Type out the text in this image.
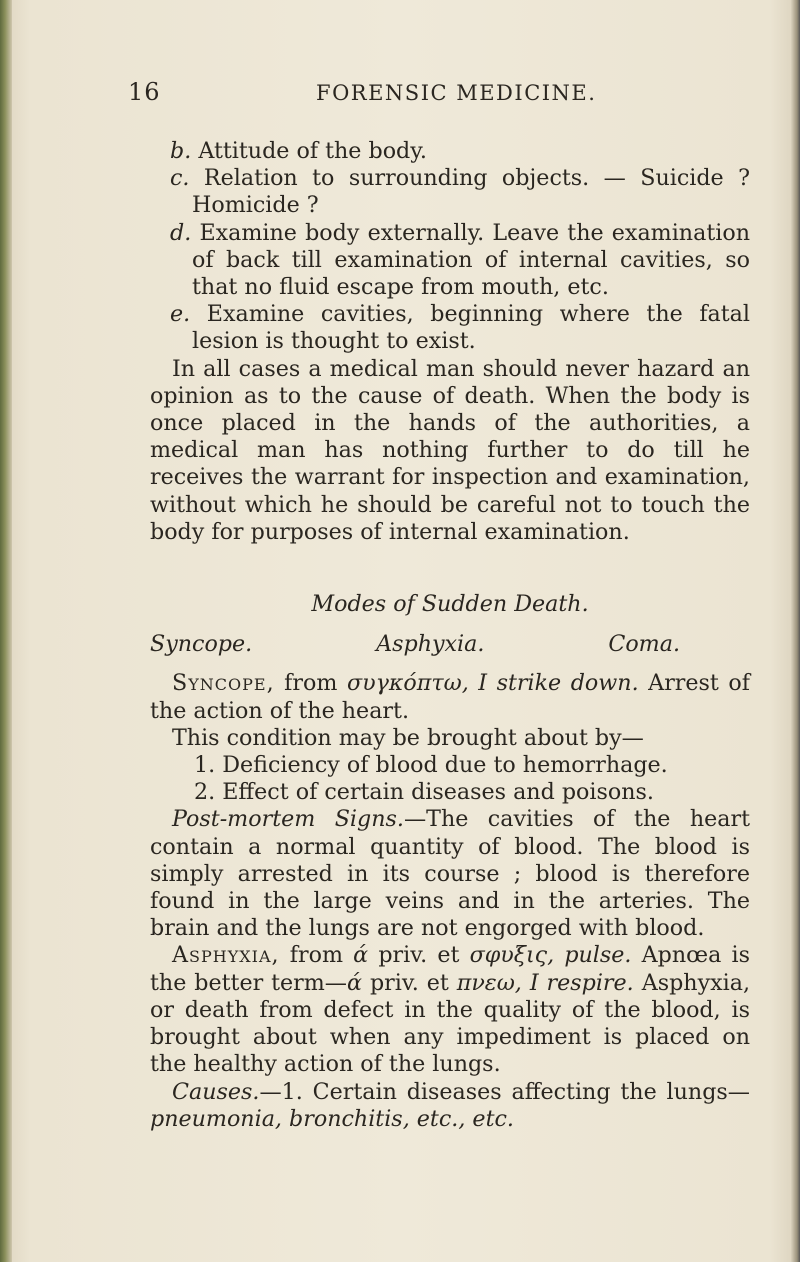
16	FORENSIC MEDICINE.

b. Attitude of the body.

c. Relation to surrounding objects. — Suicide ? Homicide ?

d. Examine body externally. Leave the examination of back till examination of internal cavities, so that no fluid escape from mouth, etc.

e. Examine cavities, beginning where the fatal lesion is thought to exist.

In all cases a medical man should never hazard an opinion as to the cause of death. When the body is once placed in the hands of the authorities, a medical man has nothing further to do till he receives the warrant for inspection and examination, without which he should be careful not to touch the body for purposes of internal examination.

Modes of Sudden Death.
Syncope.	Asphyxia.	Coma.

Syncope, from συγκόπτω, I strike down. Arrest of the action of the heart.

This condition may be brought about by—

1. Deficiency of blood due to hemorrhage.

2. Effect of certain diseases and poisons.

Post-mortem Signs.—The cavities of the heart contain a normal quantity of blood. The blood is simply arrested in its course ; blood is therefore found in the large veins and in the arteries. The brain and the lungs are not engorged with blood.

Asphyxia, from ά priv. et σφυξις, pulse. Apnœa is the better term—ά priv. et πνεω, I respire. Asphyxia, or death from defect in the quality of the blood, is brought about when any impediment is placed on the healthy action of the lungs.

Causes.—1. Certain diseases affecting the lungs— pneumonia, bronchitis, etc., etc.
